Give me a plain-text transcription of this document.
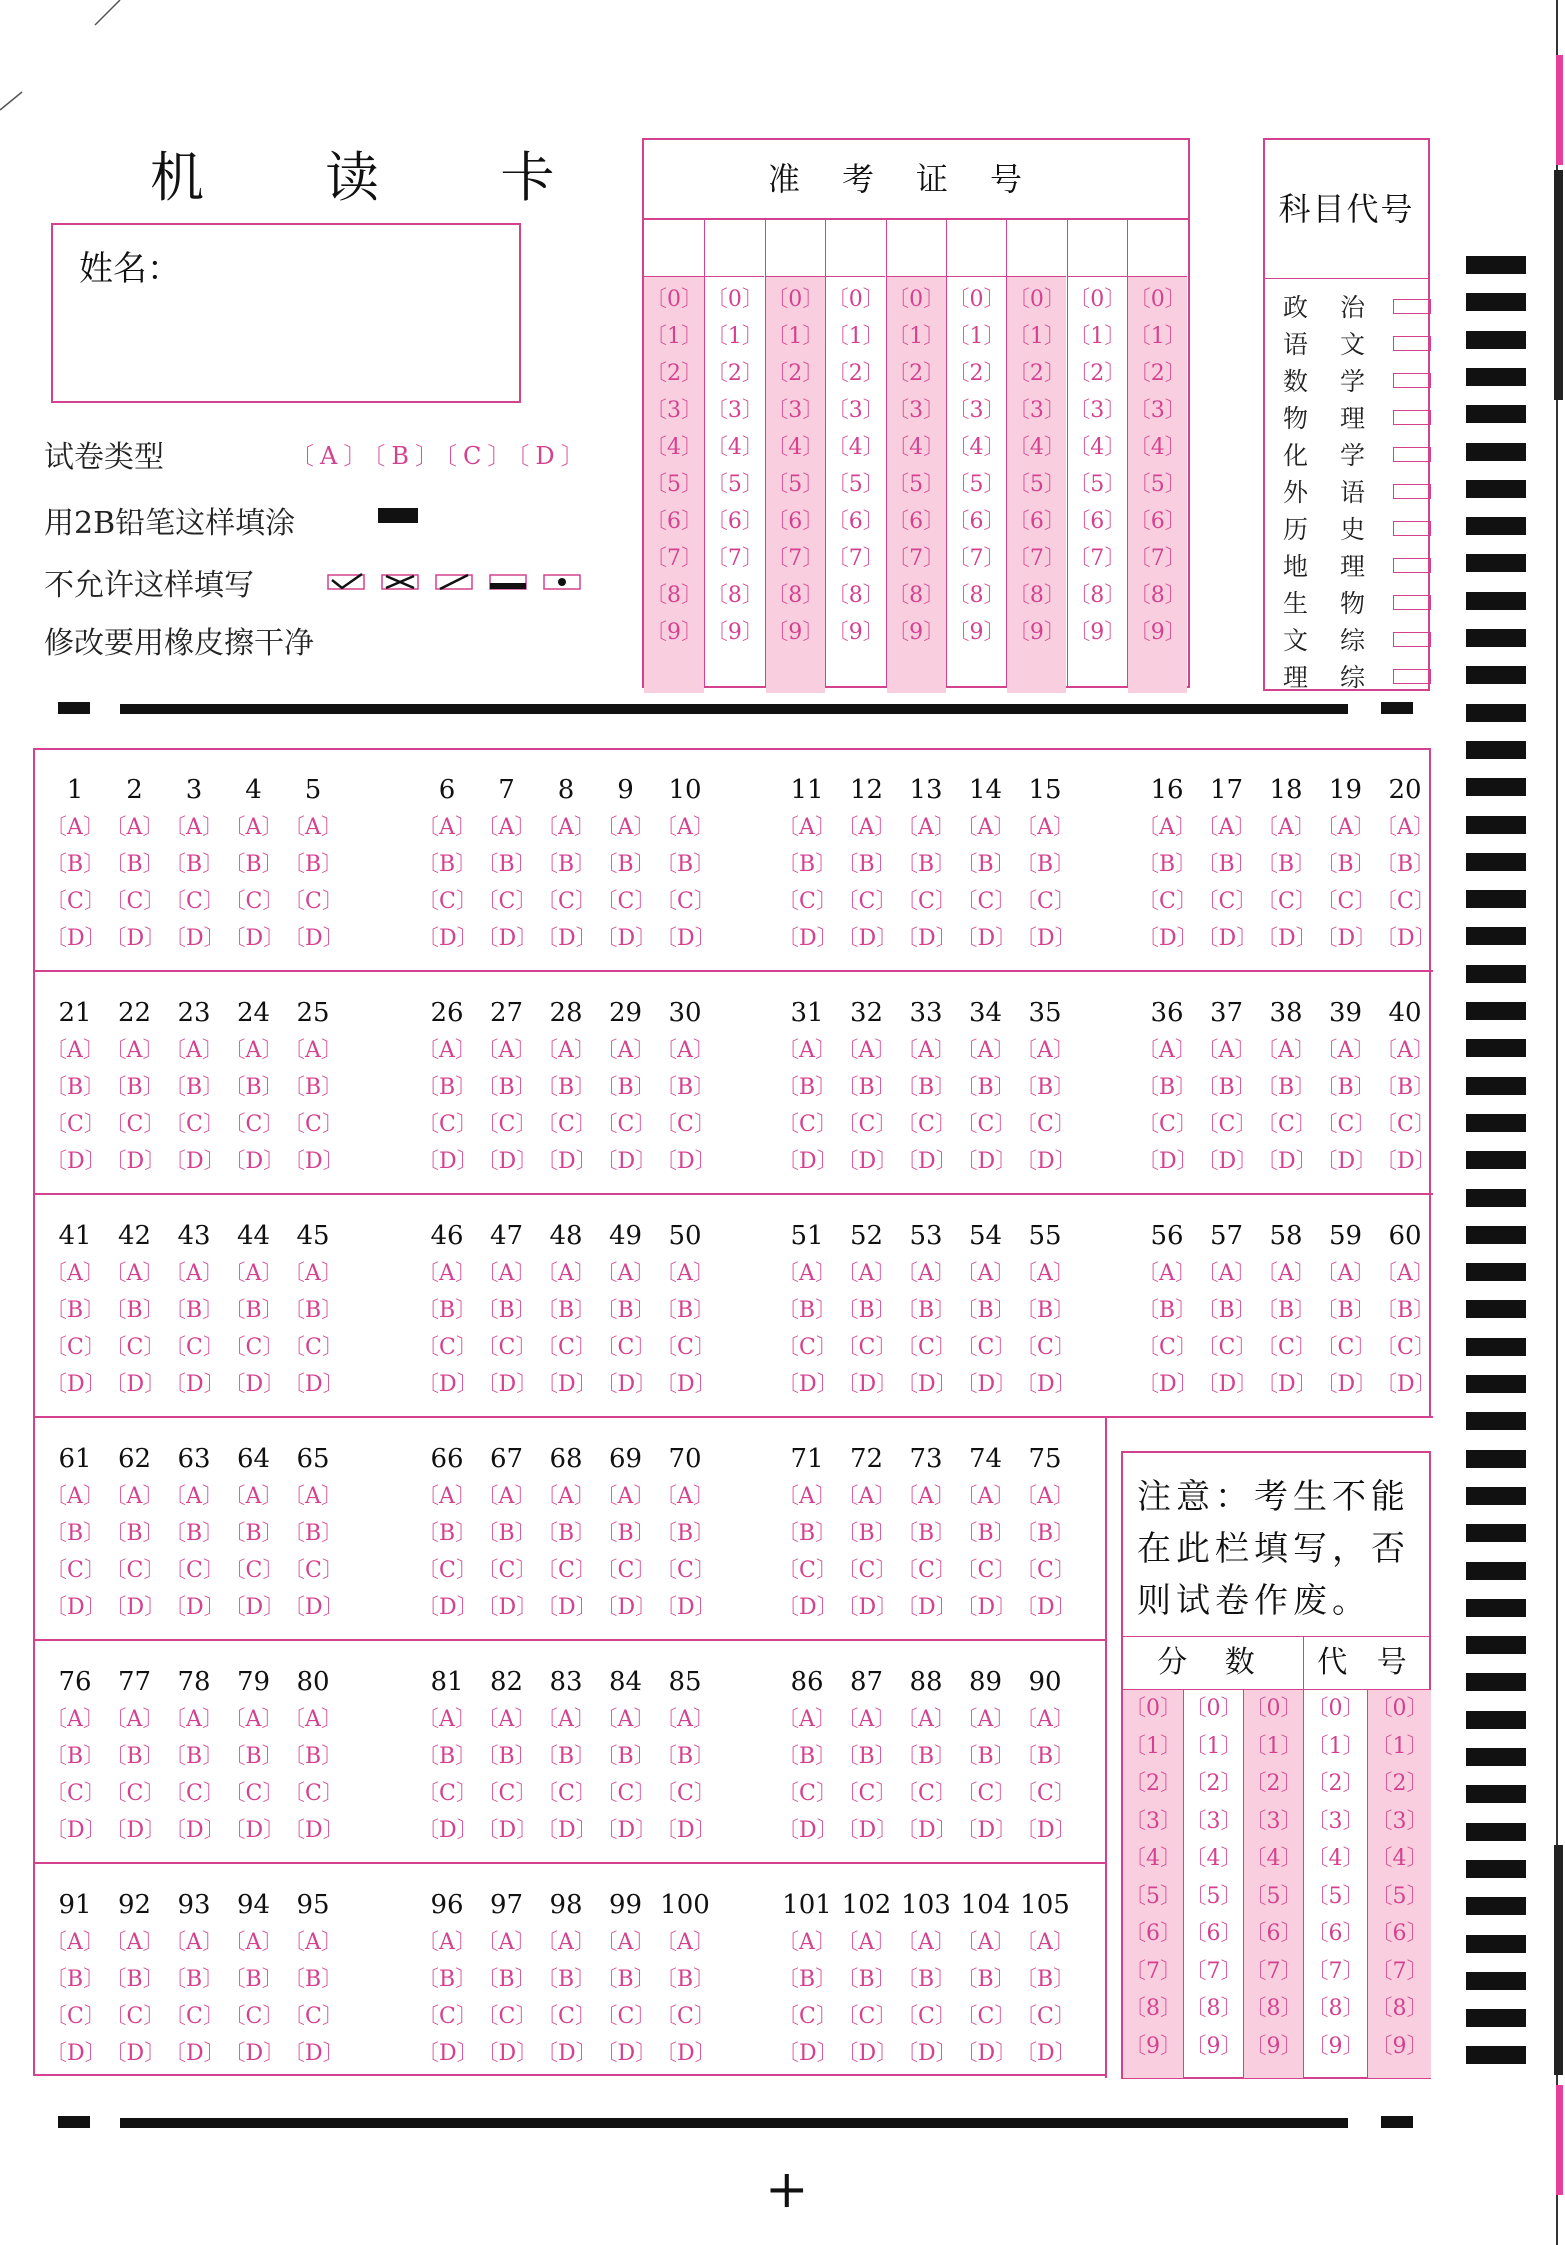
机 读 卡
姓名：
试卷类型	〔A〕〔B〕〔C〕〔D〕
用2B铅笔这样填涂
不允许这样填写
修改要用橡皮擦干净
准考证号
〔0〕
〔1〕
〔2〕
〔3〕
〔4〕
〔5〕
〔6〕
〔7〕
〔8〕
〔9〕
〔0〕
〔1〕
〔2〕
〔3〕
〔4〕
〔5〕
〔6〕
〔7〕
〔8〕
〔9〕
〔0〕
〔1〕
〔2〕
〔3〕
〔4〕
〔5〕
〔6〕
〔7〕
〔8〕
〔9〕
〔0〕
〔1〕
〔2〕
〔3〕
〔4〕
〔5〕
〔6〕
〔7〕
〔8〕
〔9〕
〔0〕
〔1〕
〔2〕
〔3〕
〔4〕
〔5〕
〔6〕
〔7〕
〔8〕
〔9〕
〔0〕
〔1〕
〔2〕
〔3〕
〔4〕
〔5〕
〔6〕
〔7〕
〔8〕
〔9〕
〔0〕
〔1〕
〔2〕
〔3〕
〔4〕
〔5〕
〔6〕
〔7〕
〔8〕
〔9〕
〔0〕
〔1〕
〔2〕
〔3〕
〔4〕
〔5〕
〔6〕
〔7〕
〔8〕
〔9〕
〔0〕
〔1〕
〔2〕
〔3〕
〔4〕
〔5〕
〔6〕
〔7〕
〔8〕
〔9〕
科目代号
政 治
语 文
数 学
物 理
化 学
外 语
历 史
地 理
生 物
文 综
理 综
1
〔A〕
〔B〕
〔C〕
〔D〕
2
〔A〕
〔B〕
〔C〕
〔D〕
3
〔A〕
〔B〕
〔C〕
〔D〕
4
〔A〕
〔B〕
〔C〕
〔D〕
5
〔A〕
〔B〕
〔C〕
〔D〕
6
〔A〕
〔B〕
〔C〕
〔D〕
7
〔A〕
〔B〕
〔C〕
〔D〕
8
〔A〕
〔B〕
〔C〕
〔D〕
9
〔A〕
〔B〕
〔C〕
〔D〕
10
〔A〕
〔B〕
〔C〕
〔D〕
11
〔A〕
〔B〕
〔C〕
〔D〕
12
〔A〕
〔B〕
〔C〕
〔D〕
13
〔A〕
〔B〕
〔C〕
〔D〕
14
〔A〕
〔B〕
〔C〕
〔D〕
15
〔A〕
〔B〕
〔C〕
〔D〕
16
〔A〕
〔B〕
〔C〕
〔D〕
17
〔A〕
〔B〕
〔C〕
〔D〕
18
〔A〕
〔B〕
〔C〕
〔D〕
19
〔A〕
〔B〕
〔C〕
〔D〕
20
〔A〕
〔B〕
〔C〕
〔D〕
21
〔A〕
〔B〕
〔C〕
〔D〕
22
〔A〕
〔B〕
〔C〕
〔D〕
23
〔A〕
〔B〕
〔C〕
〔D〕
24
〔A〕
〔B〕
〔C〕
〔D〕
25
〔A〕
〔B〕
〔C〕
〔D〕
26
〔A〕
〔B〕
〔C〕
〔D〕
27
〔A〕
〔B〕
〔C〕
〔D〕
28
〔A〕
〔B〕
〔C〕
〔D〕
29
〔A〕
〔B〕
〔C〕
〔D〕
30
〔A〕
〔B〕
〔C〕
〔D〕
31
〔A〕
〔B〕
〔C〕
〔D〕
32
〔A〕
〔B〕
〔C〕
〔D〕
33
〔A〕
〔B〕
〔C〕
〔D〕
34
〔A〕
〔B〕
〔C〕
〔D〕
35
〔A〕
〔B〕
〔C〕
〔D〕
36
〔A〕
〔B〕
〔C〕
〔D〕
37
〔A〕
〔B〕
〔C〕
〔D〕
38
〔A〕
〔B〕
〔C〕
〔D〕
39
〔A〕
〔B〕
〔C〕
〔D〕
40
〔A〕
〔B〕
〔C〕
〔D〕
41
〔A〕
〔B〕
〔C〕
〔D〕
42
〔A〕
〔B〕
〔C〕
〔D〕
43
〔A〕
〔B〕
〔C〕
〔D〕
44
〔A〕
〔B〕
〔C〕
〔D〕
45
〔A〕
〔B〕
〔C〕
〔D〕
46
〔A〕
〔B〕
〔C〕
〔D〕
47
〔A〕
〔B〕
〔C〕
〔D〕
48
〔A〕
〔B〕
〔C〕
〔D〕
49
〔A〕
〔B〕
〔C〕
〔D〕
50
〔A〕
〔B〕
〔C〕
〔D〕
51
〔A〕
〔B〕
〔C〕
〔D〕
52
〔A〕
〔B〕
〔C〕
〔D〕
53
〔A〕
〔B〕
〔C〕
〔D〕
54
〔A〕
〔B〕
〔C〕
〔D〕
55
〔A〕
〔B〕
〔C〕
〔D〕
56
〔A〕
〔B〕
〔C〕
〔D〕
57
〔A〕
〔B〕
〔C〕
〔D〕
58
〔A〕
〔B〕
〔C〕
〔D〕
59
〔A〕
〔B〕
〔C〕
〔D〕
60
〔A〕
〔B〕
〔C〕
〔D〕
61
〔A〕
〔B〕
〔C〕
〔D〕
62
〔A〕
〔B〕
〔C〕
〔D〕
63
〔A〕
〔B〕
〔C〕
〔D〕
64
〔A〕
〔B〕
〔C〕
〔D〕
65
〔A〕
〔B〕
〔C〕
〔D〕
66
〔A〕
〔B〕
〔C〕
〔D〕
67
〔A〕
〔B〕
〔C〕
〔D〕
68
〔A〕
〔B〕
〔C〕
〔D〕
69
〔A〕
〔B〕
〔C〕
〔D〕
70
〔A〕
〔B〕
〔C〕
〔D〕
71
〔A〕
〔B〕
〔C〕
〔D〕
72
〔A〕
〔B〕
〔C〕
〔D〕
73
〔A〕
〔B〕
〔C〕
〔D〕
74
〔A〕
〔B〕
〔C〕
〔D〕
75
〔A〕
〔B〕
〔C〕
〔D〕
76
〔A〕
〔B〕
〔C〕
〔D〕
77
〔A〕
〔B〕
〔C〕
〔D〕
78
〔A〕
〔B〕
〔C〕
〔D〕
79
〔A〕
〔B〕
〔C〕
〔D〕
80
〔A〕
〔B〕
〔C〕
〔D〕
81
〔A〕
〔B〕
〔C〕
〔D〕
82
〔A〕
〔B〕
〔C〕
〔D〕
83
〔A〕
〔B〕
〔C〕
〔D〕
84
〔A〕
〔B〕
〔C〕
〔D〕
85
〔A〕
〔B〕
〔C〕
〔D〕
86
〔A〕
〔B〕
〔C〕
〔D〕
87
〔A〕
〔B〕
〔C〕
〔D〕
88
〔A〕
〔B〕
〔C〕
〔D〕
89
〔A〕
〔B〕
〔C〕
〔D〕
90
〔A〕
〔B〕
〔C〕
〔D〕
91
〔A〕
〔B〕
〔C〕
〔D〕
92
〔A〕
〔B〕
〔C〕
〔D〕
93
〔A〕
〔B〕
〔C〕
〔D〕
94
〔A〕
〔B〕
〔C〕
〔D〕
95
〔A〕
〔B〕
〔C〕
〔D〕
96
〔A〕
〔B〕
〔C〕
〔D〕
97
〔A〕
〔B〕
〔C〕
〔D〕
98
〔A〕
〔B〕
〔C〕
〔D〕
99
〔A〕
〔B〕
〔C〕
〔D〕
100
〔A〕
〔B〕
〔C〕
〔D〕
101
〔A〕
〔B〕
〔C〕
〔D〕
102
〔A〕
〔B〕
〔C〕
〔D〕
103
〔A〕
〔B〕
〔C〕
〔D〕
104
〔A〕
〔B〕
〔C〕
〔D〕
105
〔A〕
〔B〕
〔C〕
〔D〕
注意：考生不能在此栏填写，否则试卷作废。
分 数	代 号
〔0〕
〔1〕
〔2〕
〔3〕
〔4〕
〔5〕
〔6〕
〔7〕
〔8〕
〔9〕
〔0〕
〔1〕
〔2〕
〔3〕
〔4〕
〔5〕
〔6〕
〔7〕
〔8〕
〔9〕
〔0〕
〔1〕
〔2〕
〔3〕
〔4〕
〔5〕
〔6〕
〔7〕
〔8〕
〔9〕
〔0〕
〔1〕
〔2〕
〔3〕
〔4〕
〔5〕
〔6〕
〔7〕
〔8〕
〔9〕
〔0〕
〔1〕
〔2〕
〔3〕
〔4〕
〔5〕
〔6〕
〔7〕
〔8〕
〔9〕
+
